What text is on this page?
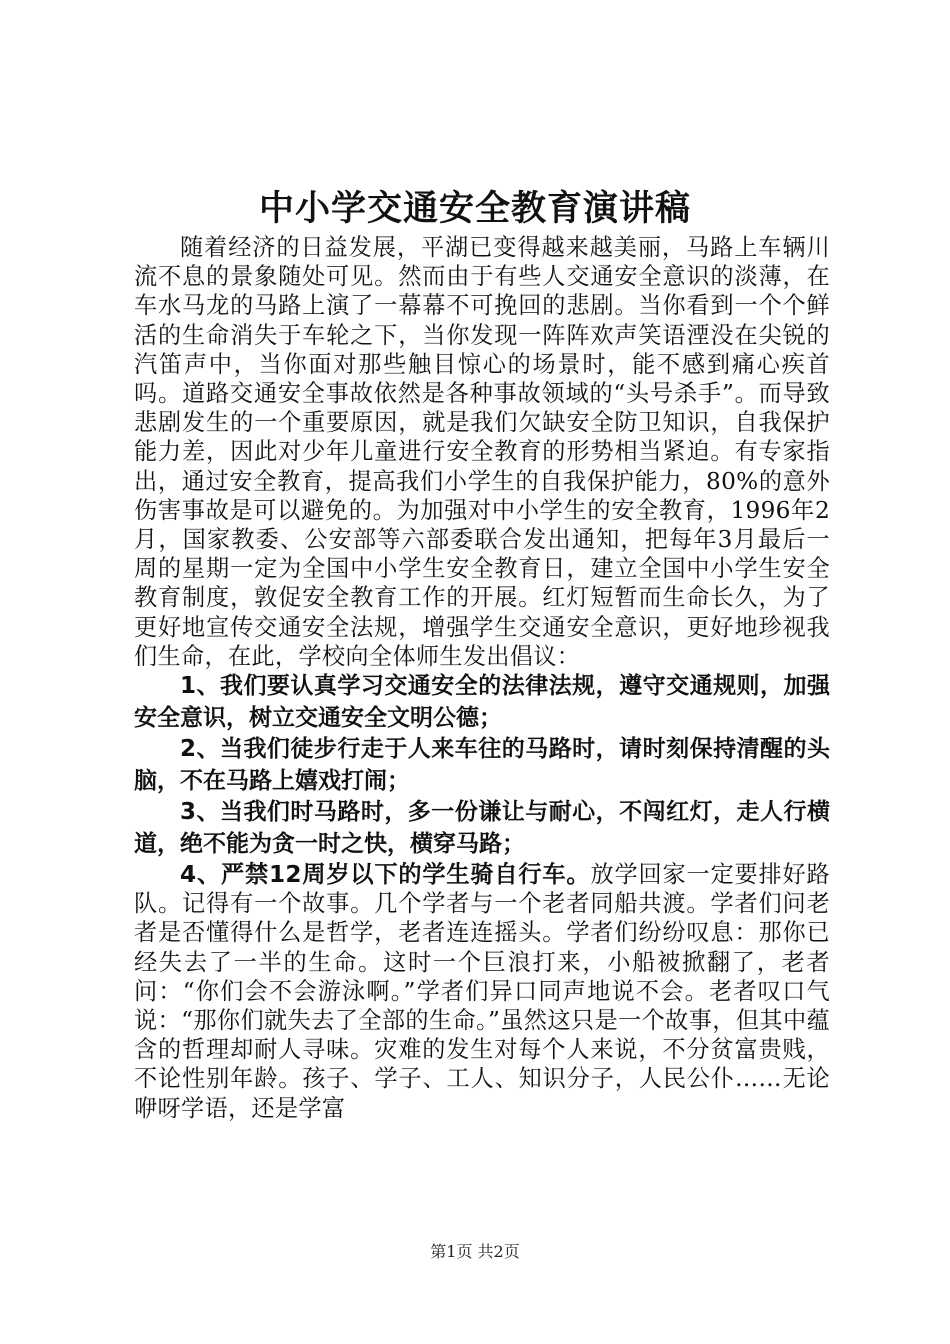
中小学交通安全教育演讲稿

随着经济的日益发展，平湖已变得越来越美丽，马路上车辆川流不息的景象随处可见。然而由于有些人交通安全意识的淡薄，在车水马龙的马路上演了一幕幕不可挽回的悲剧。当你看到一个个鲜活的生命消失于车轮之下，当你发现一阵阵欢声笑语湮没在尖锐的汽笛声中，当你面对那些触目惊心的场景时，能不感到痛心疾首吗。道路交通安全事故依然是各种事故领域的“头号杀手”。而导致悲剧发生的一个重要原因，就是我们欠缺安全防卫知识，自我保护能力差，因此对少年儿童进行安全教育的形势相当紧迫。有专家指出，通过安全教育，提高我们小学生的自我保护能力，80%的意外伤害事故是可以避免的。为加强对中小学生的安全教育，1996年2月，国家教委、公安部等六部委联合发出通知，把每年3月最后一周的星期一定为全国中小学生安全教育日，建立全国中小学生安全教育制度，敦促安全教育工作的开展。红灯短暂而生命长久，为了更好地宣传交通安全法规，增强学生交通安全意识，更好地珍视我们生命，在此，学校向全体师生发出倡议：

1、我们要认真学习交通安全的法律法规，遵守交通规则，加强安全意识，树立交通安全文明公德；

2、当我们徒步行走于人来车往的马路时，请时刻保持清醒的头脑，不在马路上嬉戏打闹；

3、当我们时马路时，多一份谦让与耐心，不闯红灯，走人行横道，绝不能为贪一时之快，横穿马路；

4、严禁12周岁以下的学生骑自行车。放学回家一定要排好路队。记得有一个故事。几个学者与一个老者同船共渡。学者们问老者是否懂得什么是哲学，老者连连摇头。学者们纷纷叹息：那你已经失去了一半的生命。这时一个巨浪打来，小船被掀翻了，老者问：“你们会不会游泳啊。”学者们异口同声地说不会。老者叹口气说：“那你们就失去了全部的生命。”虽然这只是一个故事，但其中蕴含的哲理却耐人寻味。灾难的发生对每个人来说，不分贫富贵贱，不论性别年龄。孩子、学子、工人、知识分子，人民公仆……无论咿呀学语，还是学富

第1页 共2页
